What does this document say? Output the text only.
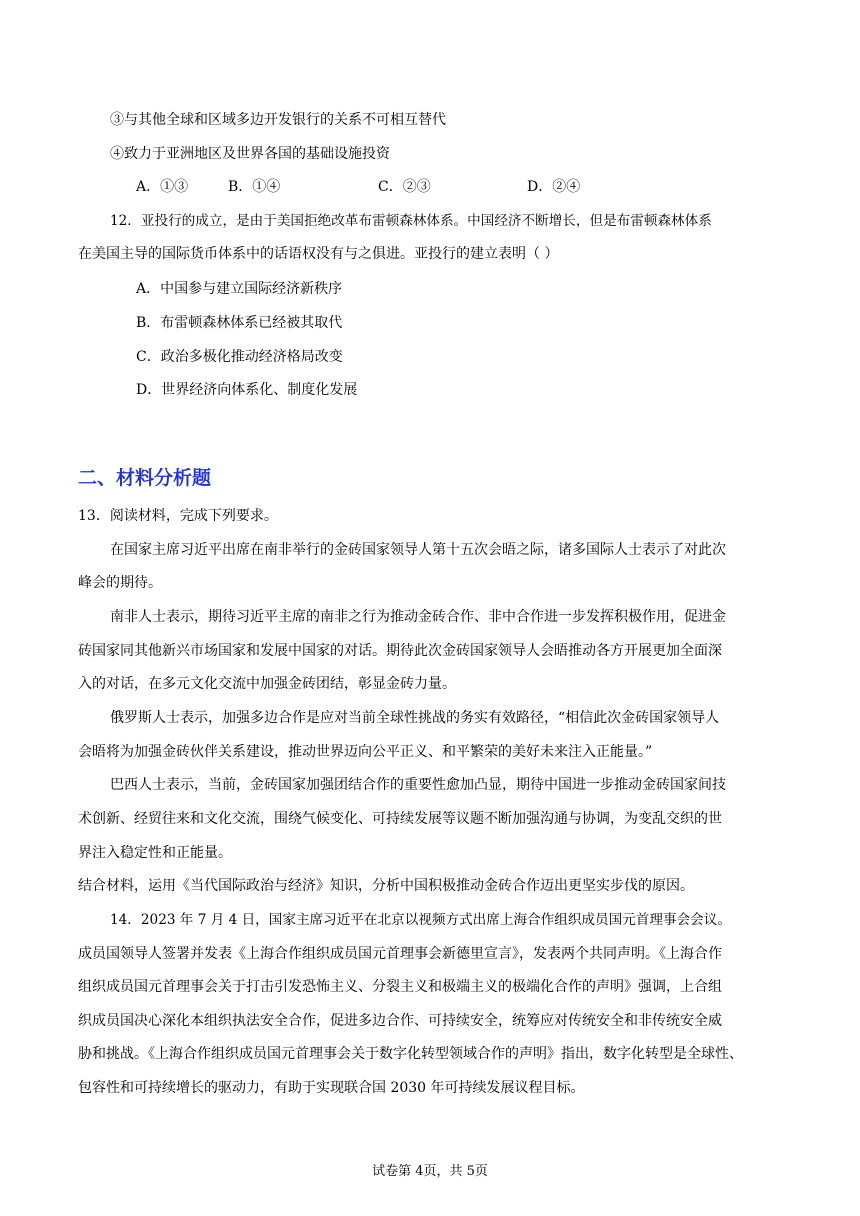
③与其他全球和区域多边开发银行的关系不可相互替代
④致力于亚洲地区及世界各国的基础设施投资
A．①③	B．①④	C．②③	D．②④
12．亚投行的成立，是由于美国拒绝改革布雷顿森林体系。中国经济不断增长，但是布雷顿森林体系
在美国主导的国际货币体系中的话语权没有与之俱进。亚投行的建立表明（ ）
A．中国参与建立国际经济新秩序
B．布雷顿森林体系已经被其取代
C．政治多极化推动经济格局改变
D．世界经济向体系化、制度化发展
二、材料分析题
13．阅读材料，完成下列要求。
在国家主席习近平出席在南非举行的金砖国家领导人第十五次会晤之际，诸多国际人士表示了对此次
峰会的期待。
南非人士表示，期待习近平主席的南非之行为推动金砖合作、非中合作进一步发挥积极作用，促进金
砖国家同其他新兴市场国家和发展中国家的对话。期待此次金砖国家领导人会晤推动各方开展更加全面深
入的对话，在多元文化交流中加强金砖团结，彰显金砖力量。
俄罗斯人士表示，加强多边合作是应对当前全球性挑战的务实有效路径，“相信此次金砖国家领导人
会晤将为加强金砖伙伴关系建设，推动世界迈向公平正义、和平繁荣的美好未来注入正能量。”
巴西人士表示，当前，金砖国家加强团结合作的重要性愈加凸显，期待中国进一步推动金砖国家间技
术创新、经贸往来和文化交流，围绕气候变化、可持续发展等议题不断加强沟通与协调，为变乱交织的世
界注入稳定性和正能量。
结合材料，运用《当代国际政治与经济》知识，分析中国积极推动金砖合作迈出更坚实步伐的原因。
14．2023 年 7 月 4 日，国家主席习近平在北京以视频方式出席上海合作组织成员国元首理事会会议。
成员国领导人签署并发表《上海合作组织成员国元首理事会新德里宣言》，发表两个共同声明。《上海合作
组织成员国元首理事会关于打击引发恐怖主义、分裂主义和极端主义的极端化合作的声明》强调，上合组
织成员国决心深化本组织执法安全合作，促进多边合作、可持续安全，统筹应对传统安全和非传统安全威
胁和挑战。《上海合作组织成员国元首理事会关于数字化转型领域合作的声明》指出，数字化转型是全球性、
包容性和可持续增长的驱动力，有助于实现联合国 2030 年可持续发展议程目标。
试卷第 4页，共 5页
